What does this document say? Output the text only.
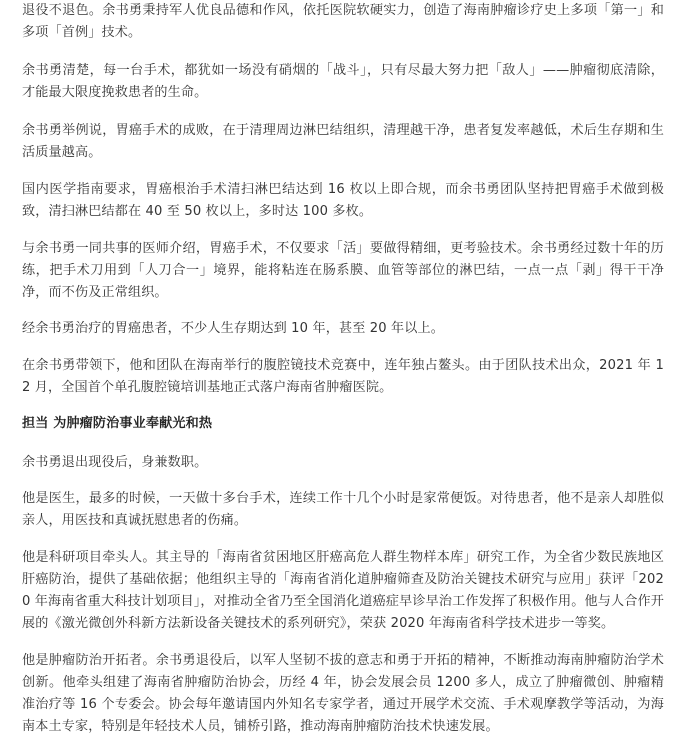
退役不退色。余书勇秉持军人优良品德和作风，依托医院软硬实力，创造了海南肿瘤诊疗史上多项「第一」和多项「首例」技术。

余书勇清楚，每一台手术，都犹如一场没有硝烟的「战斗」，只有尽最大努力把「敌人」——肿瘤彻底清除，才能最大限度挽救患者的生命。

余书勇举例说，胃癌手术的成败，在于清理周边淋巴结组织，清理越干净，患者复发率越低，术后生存期和生活质量越高。

国内医学指南要求，胃癌根治手术清扫淋巴结达到 16 枚以上即合规，而余书勇团队坚持把胃癌手术做到极致，清扫淋巴结都在 40 至 50 枚以上，多时达 100 多枚。

与余书勇一同共事的医师介绍，胃癌手术，不仅要求「活」要做得精细，更考验技术。余书勇经过数十年的历练，把手术刀用到「人刀合一」境界，能将粘连在肠系膜、血管等部位的淋巴结，一点一点「剥」得干干净净，而不伤及正常组织。

经余书勇治疗的胃癌患者，不少人生存期达到 10 年，甚至 20 年以上。

在余书勇带领下，他和团队在海南举行的腹腔镜技术竞赛中，连年独占鳌头。由于团队技术出众，2021 年 12 月，全国首个单孔腹腔镜培训基地正式落户海南省肿瘤医院。

担当 为肿瘤防治事业奉献光和热

余书勇退出现役后，身兼数职。

他是医生，最多的时候，一天做十多台手术，连续工作十几个小时是家常便饭。对待患者，他不是亲人却胜似亲人，用医技和真诚抚慰患者的伤痛。

他是科研项目牵头人。其主导的「海南省贫困地区肝癌高危人群生物样本库」研究工作，为全省少数民族地区肝癌防治，提供了基础依据；他组织主导的「海南省消化道肿瘤筛查及防治关键技术研究与应用」获评「2020 年海南省重大科技计划项目」，对推动全省乃至全国消化道癌症早诊早治工作发挥了积极作用。他与人合作开展的《激光微创外科新方法新设备关键技术的系列研究》，荣获 2020 年海南省科学技术进步一等奖。

他是肿瘤防治开拓者。余书勇退役后，以军人坚韧不拔的意志和勇于开拓的精神，不断推动海南肿瘤防治学术创新。他牵头组建了海南省肿瘤防治协会，历经 4 年，协会发展会员 1200 多人，成立了肿瘤微创、肿瘤精准治疗等 16 个专委会。协会每年邀请国内外知名专家学者，通过开展学术交流、手术观摩教学等活动，为海南本土专家，特别是年轻技术人员，铺桥引路，推动海南肿瘤防治技术快速发展。
